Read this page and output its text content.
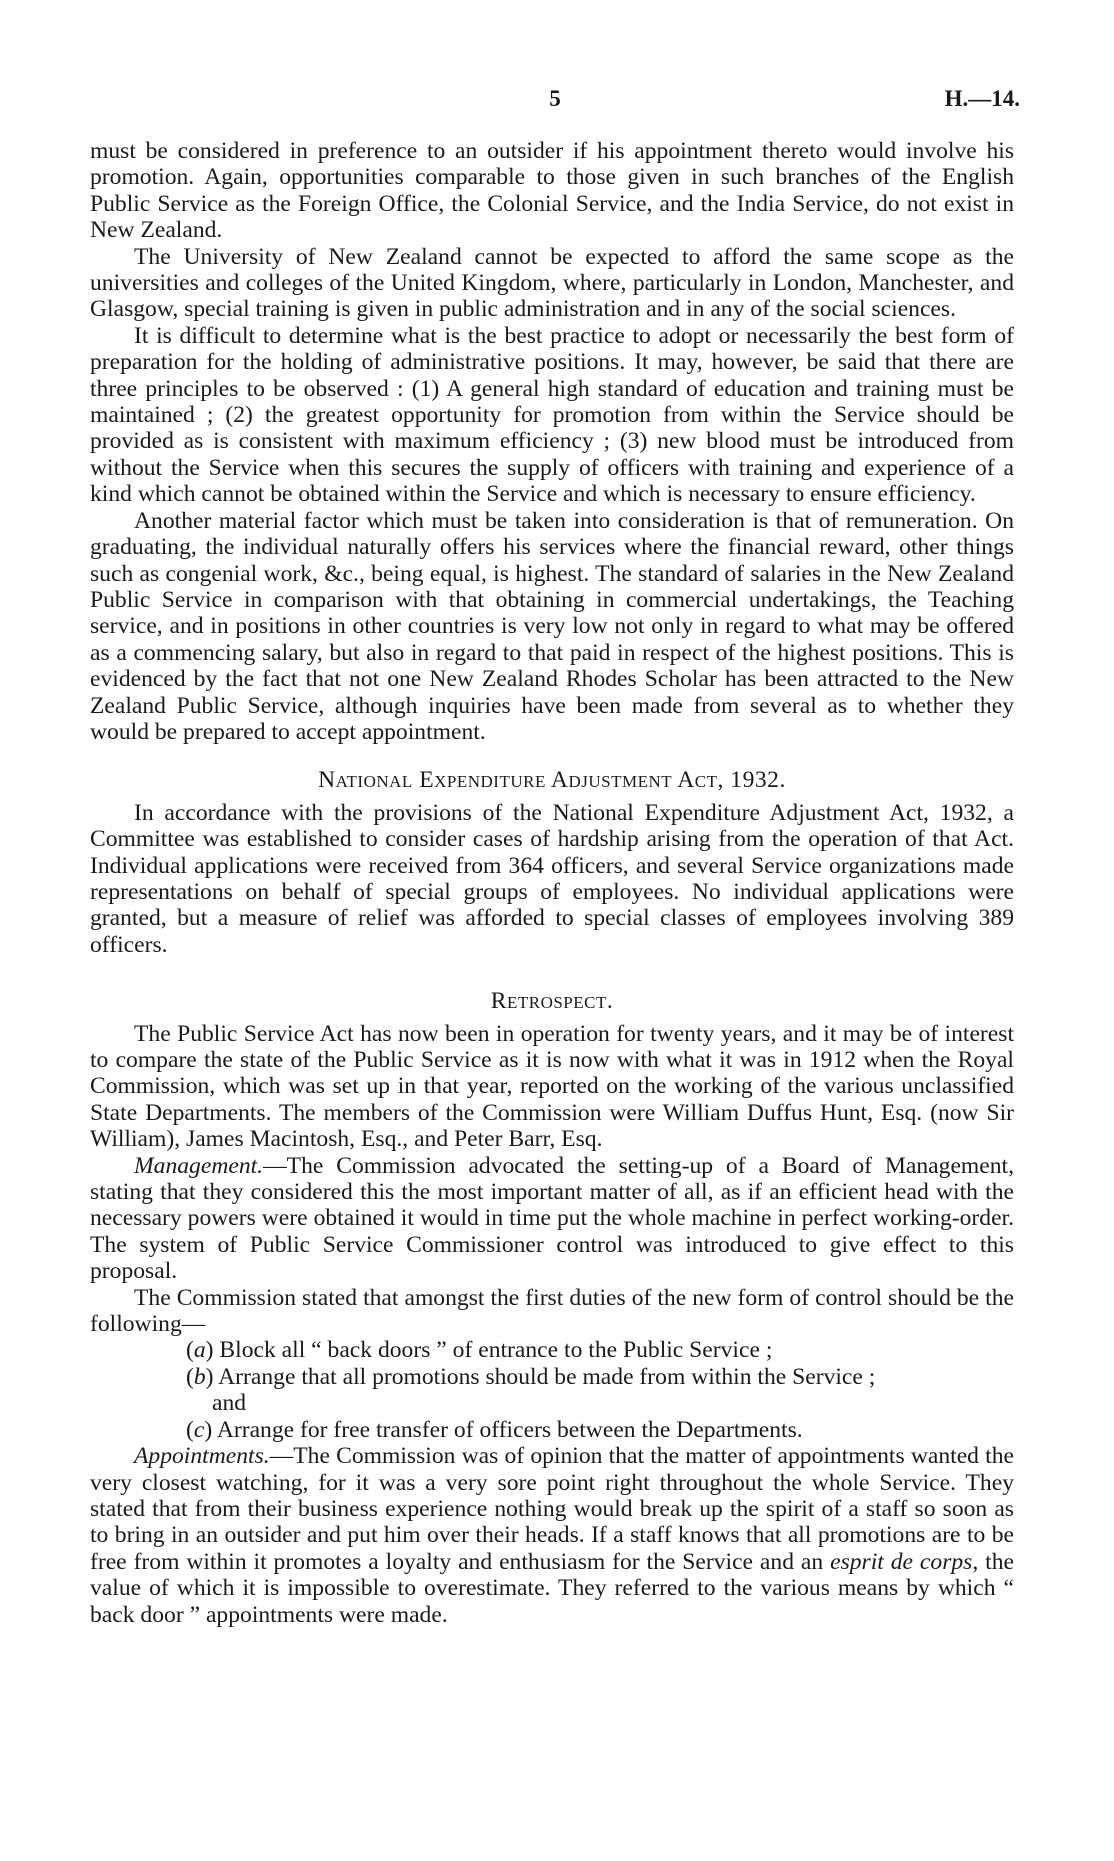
5	H.—14.

must be considered in preference to an outsider if his appointment thereto would involve his promotion. Again, opportunities comparable to those given in such branches of the English Public Service as the Foreign Office, the Colonial Service, and the India Service, do not exist in New Zealand.

The University of New Zealand cannot be expected to afford the same scope as the universities and colleges of the United Kingdom, where, particularly in London, Manchester, and Glasgow, special training is given in public administration and in any of the social sciences.

It is difficult to determine what is the best practice to adopt or necessarily the best form of preparation for the holding of administrative positions. It may, however, be said that there are three principles to be observed : (1) A general high standard of education and training must be maintained ; (2) the greatest opportunity for promotion from within the Service should be provided as is consistent with maximum efficiency ; (3) new blood must be introduced from without the Service when this secures the supply of officers with training and experience of a kind which cannot be obtained within the Service and which is necessary to ensure efficiency.

Another material factor which must be taken into consideration is that of remuneration. On graduating, the individual naturally offers his services where the financial reward, other things such as congenial work, &c., being equal, is highest. The standard of salaries in the New Zealand Public Service in comparison with that obtaining in commercial undertakings, the Teaching service, and in positions in other countries is very low not only in regard to what may be offered as a commencing salary, but also in regard to that paid in respect of the highest positions. This is evidenced by the fact that not one New Zealand Rhodes Scholar has been attracted to the New Zealand Public Service, although inquiries have been made from several as to whether they would be prepared to accept appointment.

National Expenditure Adjustment Act, 1932.

In accordance with the provisions of the National Expenditure Adjustment Act, 1932, a Committee was established to consider cases of hardship arising from the operation of that Act. Individual applications were received from 364 officers, and several Service organizations made representations on behalf of special groups of employees. No individual applications were granted, but a measure of relief was afforded to special classes of employees involving 389 officers.

Retrospect.

The Public Service Act has now been in operation for twenty years, and it may be of interest to compare the state of the Public Service as it is now with what it was in 1912 when the Royal Commission, which was set up in that year, reported on the working of the various unclassified State Departments. The members of the Commission were William Duffus Hunt, Esq. (now Sir William), James Macintosh, Esq., and Peter Barr, Esq.

Management.—The Commission advocated the setting-up of a Board of Management, stating that they considered this the most important matter of all, as if an efficient head with the necessary powers were obtained it would in time put the whole machine in perfect working-order. The system of Public Service Commissioner control was introduced to give effect to this proposal.

The Commission stated that amongst the first duties of the new form of control should be the following—

(a) Block all “ back doors ” of entrance to the Public Service ;
(b) Arrange that all promotions should be made from within the Service ;
and
(c) Arrange for free transfer of officers between the Departments.

Appointments.—The Commission was of opinion that the matter of appointments wanted the very closest watching, for it was a very sore point right throughout the whole Service. They stated that from their business experience nothing would break up the spirit of a staff so soon as to bring in an outsider and put him over their heads. If a staff knows that all promotions are to be free from within it promotes a loyalty and enthusiasm for the Service and an esprit de corps, the value of which it is impossible to overestimate. They referred to the various means by which “ back door ” appointments were made.
